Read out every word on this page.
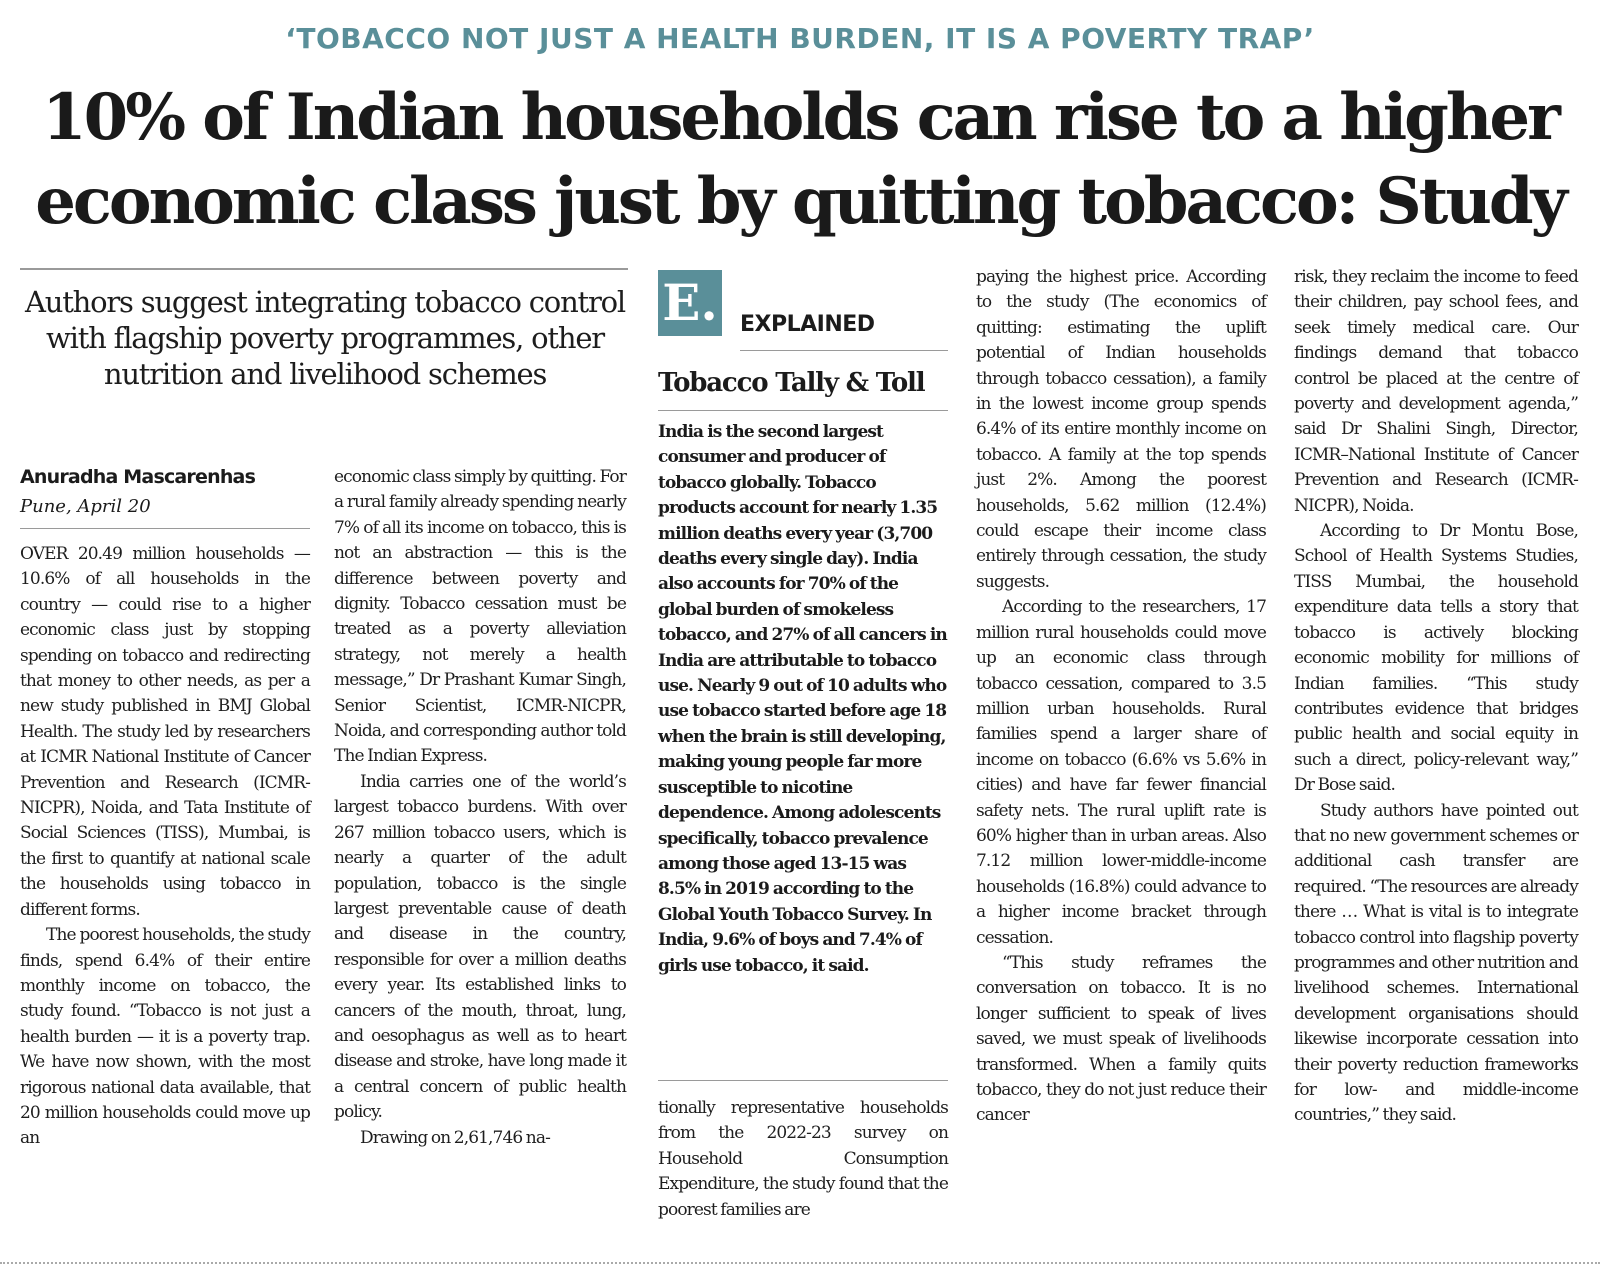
‘TOBACCO NOT JUST A HEALTH BURDEN, IT IS A POVERTY TRAP’
10% of Indian households can rise to a higher
economic class just by quitting tobacco: Study
Authors suggest integrating tobacco control with flagship poverty programmes, other nutrition and livelihood schemes
Anuradha Mascarenhas
Pune, April 20

OVER 20.49 million households — 10.6% of all households in the country — could rise to a higher economic class just by stopping spending on tobacco and redirecting that money to other needs, as per a new study published in BMJ Global Health. The study led by researchers at ICMR National Institute of Cancer Prevention and Research (ICMR-NICPR), Noida, and Tata Institute of Social Sciences (TISS), Mumbai, is the first to quantify at national scale the households using tobacco in different forms.

The poorest households, the study finds, spend 6.4% of their entire monthly income on tobacco, the study found. “Tobacco is not just a health burden — it is a poverty trap. We have now shown, with the most rigorous national data available, that 20 million households could move up an

economic class simply by quitting. For a rural family already spending nearly 7% of all its income on tobacco, this is not an abstraction — this is the difference between poverty and dignity. Tobacco cessation must be treated as a poverty alleviation strategy, not merely a health message,” Dr Prashant Kumar Singh, Senior Scientist, ICMR-NICPR, Noida, and corresponding author told The Indian Express.

India carries one of the world’s largest tobacco burdens. With over 267 million tobacco users, which is nearly a quarter of the adult population, tobacco is the single largest preventable cause of death and disease in the country, responsible for over a million deaths every year. Its established links to cancers of the mouth, throat, lung, and oesophagus as well as to heart disease and stroke, have long made it a central concern of public health policy.

Drawing on 2,61,746 na-

E. EXPLAINED
Tobacco Tally & Toll
India is the second largest consumer and producer of tobacco globally. Tobacco products account for nearly 1.35 million deaths every year (3,700 deaths every single day). India also accounts for 70% of the global burden of smokeless tobacco, and 27% of all cancers in India are attributable to tobacco use. Nearly 9 out of 10 adults who use tobacco started before age 18 when the brain is still developing, making young people far more susceptible to nicotine dependence. Among adolescents specifically, tobacco prevalence among those aged 13-15 was 8.5% in 2019 according to the Global Youth Tobacco Survey. In India, 9.6% of boys and 7.4% of girls use tobacco, it said.

tionally representative households from the 2022-23 survey on Household Consumption Expenditure, the study found that the poorest families are

paying the highest price. According to the study (The economics of quitting: estimating the uplift potential of Indian households through tobacco cessation), a family in the lowest income group spends 6.4% of its entire monthly income on tobacco. A family at the top spends just 2%. Among the poorest households, 5.62 million (12.4%) could escape their income class entirely through cessation, the study suggests.

According to the researchers, 17 million rural households could move up an economic class through tobacco cessation, compared to 3.5 million urban households. Rural families spend a larger share of income on tobacco (6.6% vs 5.6% in cities) and have far fewer financial safety nets. The rural uplift rate is 60% higher than in urban areas. Also 7.12 million lower-middle-income households (16.8%) could advance to a higher income bracket through cessation.

“This study reframes the conversation on tobacco. It is no longer sufficient to speak of lives saved, we must speak of livelihoods transformed. When a family quits tobacco, they do not just reduce their cancer

risk, they reclaim the income to feed their children, pay school fees, and seek timely medical care. Our findings demand that tobacco control be placed at the centre of poverty and development agenda,” said Dr Shalini Singh, Director, ICMR–National Institute of Cancer Prevention and Research (ICMR-NICPR), Noida.

According to Dr Montu Bose, School of Health Systems Studies, TISS Mumbai, the household expenditure data tells a story that tobacco is actively blocking economic mobility for millions of Indian families. “This study contributes evidence that bridges public health and social equity in such a direct, policy-relevant way,” Dr Bose said.

Study authors have pointed out that no new government schemes or additional cash transfer are required. “The resources are already there … What is vital is to integrate tobacco control into flagship poverty programmes and other nutrition and livelihood schemes. International development organisations should likewise incorporate cessation into their poverty reduction frameworks for low- and middle-income countries,” they said.
